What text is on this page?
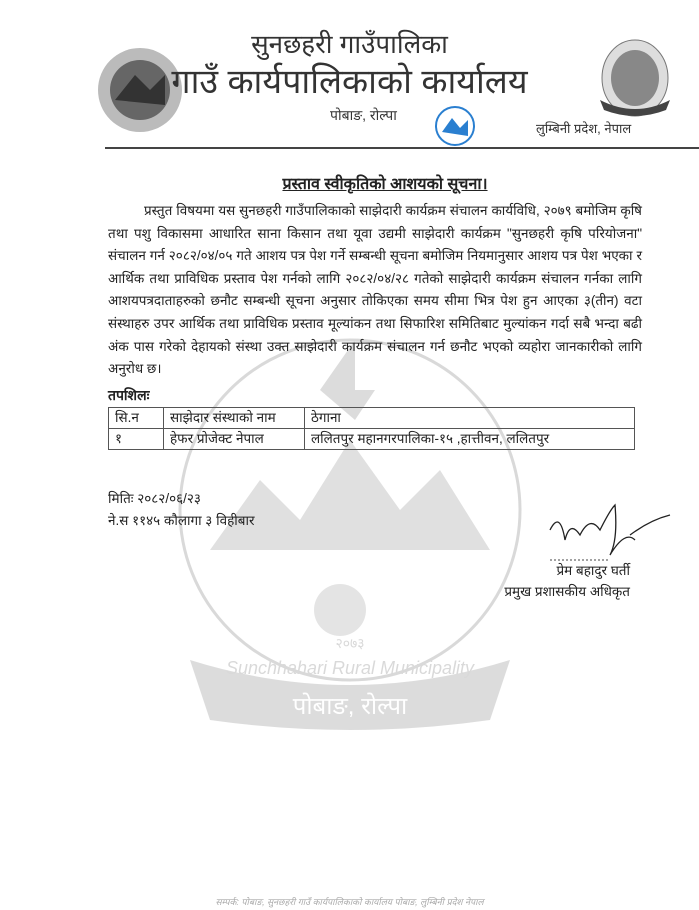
पोबाङ, रोल्पा
Sunchhahari Rural Municipality
२०७३
सुनछहरी गाउँपालिका
गाउँ कार्यपालिकाको कार्यालय
पोबाङ, रोल्पा
लुम्बिनी प्रदेश, नेपाल
प्रस्ताव स्वीकृतिको आशयको सूचना।

प्रस्तुत विषयमा यस सुनछहरी गाउँपालिकाको साझेदारी कार्यक्रम संचालन कार्यविधि, २०७९ बमोजिम कृषि तथा पशु विकासमा आधारित साना किसान तथा यूवा उद्यमी साझेदारी कार्यक्रम "सुनछहरी कृषि परियोजना" संचालन गर्न २०८२/०४/०५ गते आशय पत्र पेश गर्ने सम्बन्धी सूचना बमोजिम नियमानुसार आशय पत्र पेश भएका र आर्थिक तथा प्राविधिक प्रस्ताव पेश गर्नको लागि २०८२/०४/२८ गतेको साझेदारी कार्यक्रम संचालन गर्नका लागि आशयपत्रदाताहरुको छनौट सम्बन्धी सूचना अनुसार तोकिएका समय सीमा भित्र पेश हुन आएका ३(तीन) वटा संस्थाहरु उपर आर्थिक तथा प्राविधिक प्रस्ताव मूल्यांकन तथा सिफारिश समितिबाट मुल्यांकन गर्दा सबै भन्दा बढी अंक पास गरेको देहायको संस्था उक्त साझेदारी कार्यक्रम संचालन गर्न छनौट भएको व्यहोरा जानकारीको लागि अनुरोध छ।

तपशिलः
सि.न	साझेदार संस्थाको नाम	ठेगाना
१	हेफर प्रोजेक्ट नेपाल	ललितपुर महानगरपालिका-१५ ,हात्तीवन, ललितपुर
मितिः २०८२/०६/२३
ने.स ११४५ कौलागा ३ विहीबार
प्रेम बहादुर घर्ती
प्रमुख प्रशासकीय अधिकृत
सम्पर्क: पोबाङ, सुनछहरी गाउँ कार्यपालिकाको कार्यालय पोबाङ, लुम्बिनी प्रदेश नेपाल
